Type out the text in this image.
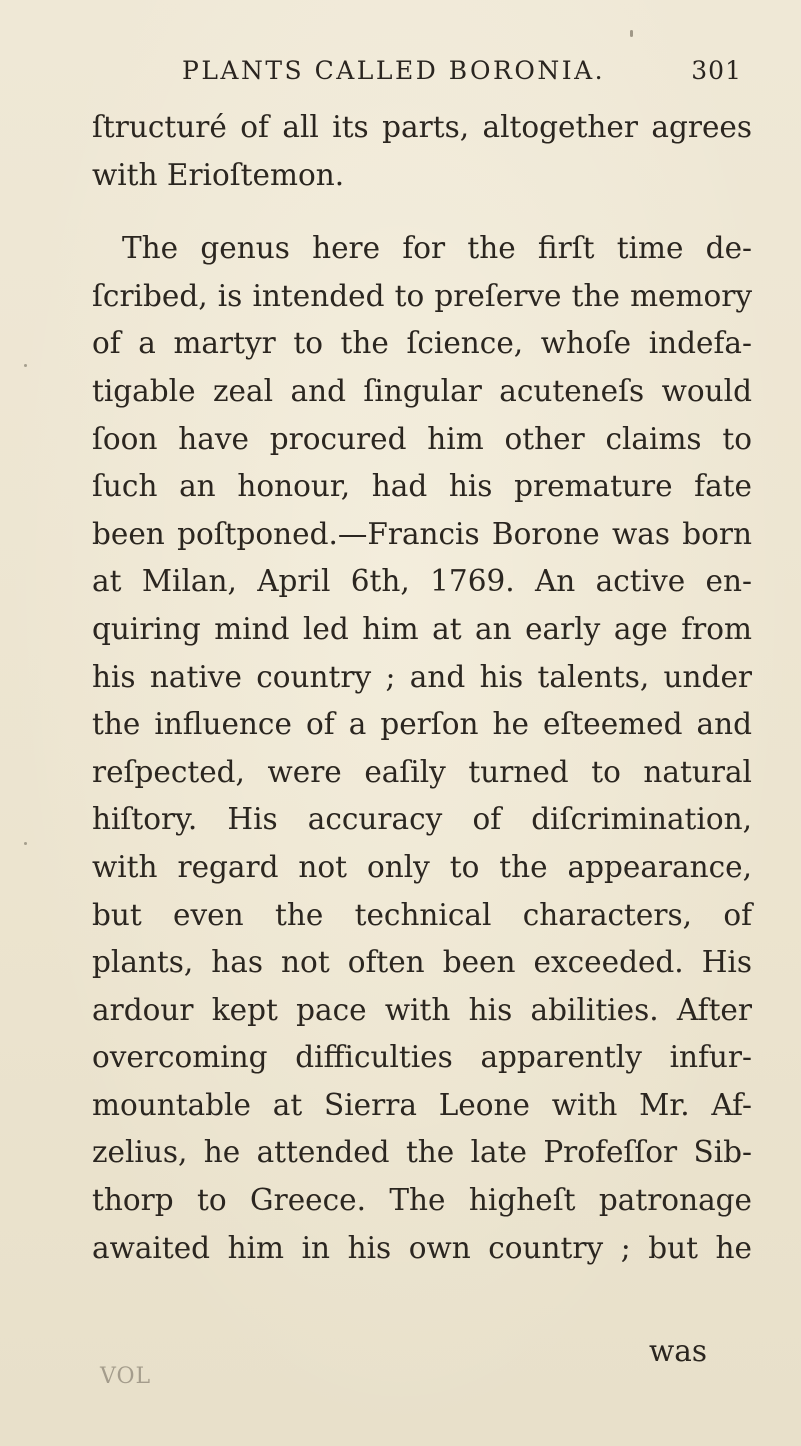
PLANTS CALLED BORONIA.	301
ſtructuré of all its parts, altogether agrees
with Erioſtemon.
The genus here for the firſt time de-
ſcribed, is intended to preſerve the memory
of a martyr to the ſcience, whoſe indefa-
tigable zeal and ſingular acuteneſs would
ſoon have procured him other claims to
ſuch an honour, had his premature fate
been poſtponed.—Francis Borone was born
at Milan, April 6th, 1769. An active en-
quiring mind led him at an early age from
his native country ; and his talents, under
the influence of a perſon he eſteemed and
reſpected, were eaſily turned to natural
hiſtory. His accuracy of diſcrimination,
with regard not only to the appearance,
but even the technical characters, of
plants, has not often been exceeded. His
ardour kept pace with his abilities. After
overcoming difficulties apparently infur-
mountable at Sierra Leone with Mr. Af-
zelius, he attended the late Profeſſor Sib-
thorp to Greece. The higheſt patronage
awaited him in his own country ; but he
was
VOL
